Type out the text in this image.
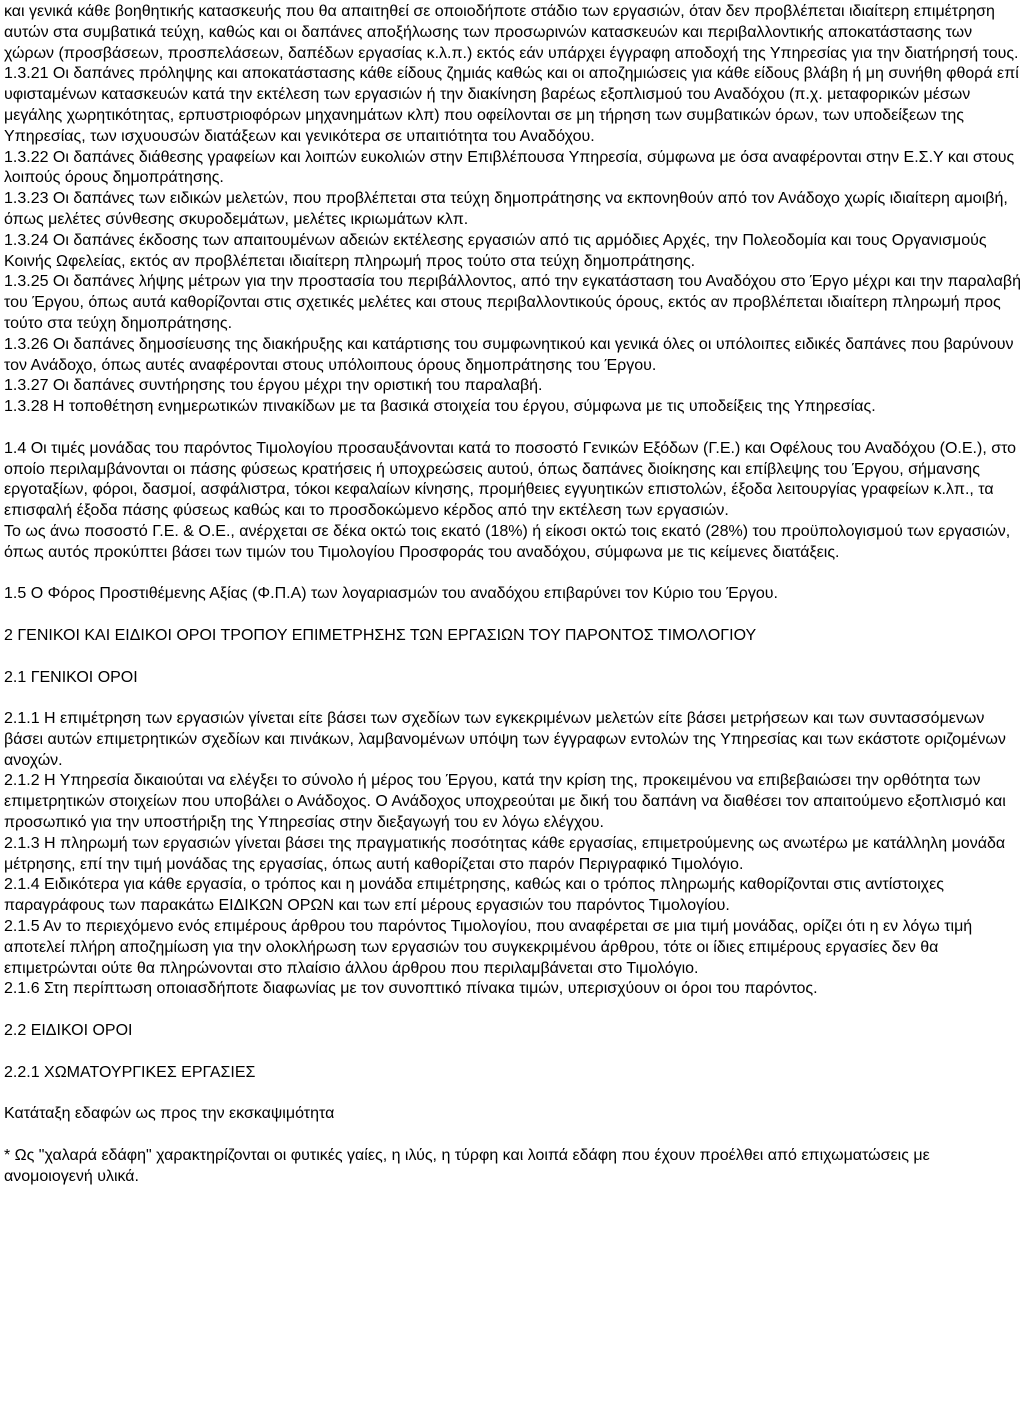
και γενικά κάθε βοηθητικής κατασκευής που θα απαιτηθεί σε οποιοδήποτε στάδιο των εργασιών, όταν δεν προβλέπεται ιδιαίτερη επιμέτρηση αυτών στα συμβατικά τεύχη, καθώς και οι δαπάνες αποξήλωσης των προσωρινών κατασκευών και περιβαλλοντικής αποκατάστασης των χώρων (προσβάσεων, προσπελάσεων, δαπέδων εργασίας κ.λ.π.) εκτός εάν υπάρχει έγγραφη αποδοχή της Υπηρεσίας για την διατήρησή τους.

1.3.21 Οι δαπάνες πρόληψης και αποκατάστασης κάθε είδους ζημιάς καθώς και οι αποζημιώσεις για κάθε είδους βλάβη ή μη συνήθη φθορά επί υφισταμένων κατασκευών κατά την εκτέλεση των εργασιών ή την διακίνηση βαρέως εξοπλισμού του Αναδόχου (π.χ. μεταφορικών μέσων μεγάλης χωρητικότητας, ερπυστριοφόρων μηχανημάτων κλπ) που οφείλονται σε μη τήρηση των συμβατικών όρων, των υποδείξεων της Υπηρεσίας, των ισχυουσών διατάξεων και γενικότερα σε υπαιτιότητα του Αναδόχου.

1.3.22 Οι δαπάνες διάθεσης γραφείων και λοιπών ευκολιών στην Επιβλέπουσα Υπηρεσία, σύμφωνα με όσα αναφέρονται στην Ε.Σ.Υ και στους λοιπούς όρους δημοπράτησης.

1.3.23 Οι δαπάνες των ειδικών μελετών, που προβλέπεται στα τεύχη δημοπράτησης να εκπονηθούν από τον Ανάδοχο χωρίς ιδιαίτερη αμοιβή, όπως μελέτες σύνθεσης σκυροδεμάτων, μελέτες ικριωμάτων κλπ.

1.3.24 Οι δαπάνες έκδοσης των απαιτουμένων αδειών εκτέλεσης εργασιών από τις αρμόδιες Αρχές, την Πολεοδομία και τους Οργανισμούς Κοινής Ωφελείας, εκτός αν προβλέπεται ιδιαίτερη πληρωμή προς τούτο στα τεύχη δημοπράτησης.

1.3.25 Οι δαπάνες λήψης μέτρων για την προστασία του περιβάλλοντος, από την εγκατάσταση του Αναδόχου στο Έργο μέχρι και την παραλαβή του Έργου, όπως αυτά καθορίζονται στις σχετικές μελέτες και στους περιβαλλοντικούς όρους, εκτός αν προβλέπεται ιδιαίτερη πληρωμή προς τούτο στα τεύχη δημοπράτησης.

1.3.26 Οι δαπάνες δημοσίευσης της διακήρυξης και κατάρτισης του συμφωνητικού και γενικά όλες οι υπόλοιπες ειδικές δαπάνες που βαρύνουν τον Ανάδοχο, όπως αυτές αναφέρονται στους υπόλοιπους όρους δημοπράτησης του Έργου.

1.3.27 Οι δαπάνες συντήρησης του έργου μέχρι την οριστική του παραλαβή.

1.3.28 Η τοποθέτηση ενημερωτικών πινακίδων με τα βασικά στοιχεία του έργου, σύμφωνα με τις υποδείξεις της Υπηρεσίας.

1.4 Οι τιμές μονάδας του παρόντος Τιμολογίου προσαυξάνονται κατά το ποσοστό Γενικών Εξόδων (Γ.Ε.) και Οφέλους του Αναδόχου (Ο.Ε.), στο οποίο περιλαμβάνονται οι πάσης φύσεως κρατήσεις ή υποχρεώσεις αυτού, όπως δαπάνες διοίκησης και επίβλεψης του Έργου, σήμανσης εργοταξίων, φόροι, δασμοί, ασφάλιστρα, τόκοι κεφαλαίων κίνησης, προμήθειες εγγυητικών επιστολών, έξοδα λειτουργίας γραφείων κ.λπ., τα επισφαλή έξοδα πάσης φύσεως καθώς και το προσδοκώμενο κέρδος από την εκτέλεση των εργασιών.

Το ως άνω ποσοστό Γ.Ε. & Ο.Ε., ανέρχεται σε δέκα οκτώ τοις εκατό (18%) ή είκοσι οκτώ τοις εκατό (28%) του προϋπολογισμού των εργασιών, όπως αυτός προκύπτει βάσει των τιμών του Τιμολογίου Προσφοράς του αναδόχου, σύμφωνα με τις κείμενες διατάξεις.

1.5 Ο Φόρος Προστιθέμενης Αξίας (Φ.Π.Α) των λογαριασμών του αναδόχου επιβαρύνει τον Κύριο του Έργου.

2 ΓΕΝΙΚΟΙ ΚΑΙ ΕΙΔΙΚΟΙ ΟΡΟΙ ΤΡΟΠΟΥ ΕΠΙΜΕΤΡΗΣΗΣ ΤΩΝ ΕΡΓΑΣΙΩΝ ΤΟΥ ΠΑΡΟΝΤΟΣ ΤΙΜΟΛΟΓΙΟΥ

2.1 ΓΕΝΙΚΟΙ ΟΡΟΙ

2.1.1 Η επιμέτρηση των εργασιών γίνεται είτε βάσει των σχεδίων των εγκεκριμένων μελετών είτε βάσει μετρήσεων και των συντασσόμενων βάσει αυτών επιμετρητικών σχεδίων και πινάκων, λαμβανομένων υπόψη των έγγραφων εντολών της Υπηρεσίας και των εκάστοτε οριζομένων ανοχών.

2.1.2 Η Υπηρεσία δικαιούται να ελέγξει το σύνολο ή μέρος του Έργου, κατά την κρίση της, προκειμένου να επιβεβαιώσει την ορθότητα των επιμετρητικών στοιχείων που υποβάλει ο Ανάδοχος. Ο Ανάδοχος υποχρεούται με δική του δαπάνη να διαθέσει τον απαιτούμενο εξοπλισμό και προσωπικό για την υποστήριξη της Υπηρεσίας στην διεξαγωγή του εν λόγω ελέγχου.

2.1.3 Η πληρωμή των εργασιών γίνεται βάσει της πραγματικής ποσότητας κάθε εργασίας, επιμετρούμενης ως ανωτέρω με κατάλληλη μονάδα μέτρησης, επί την τιμή μονάδας της εργασίας, όπως αυτή καθορίζεται στο παρόν Περιγραφικό Τιμολόγιο.

2.1.4 Ειδικότερα για κάθε εργασία, ο τρόπος και η μονάδα επιμέτρησης, καθώς και ο τρόπος πληρωμής καθορίζονται στις αντίστοιχες παραγράφους των παρακάτω ΕΙΔΙΚΩΝ ΟΡΩΝ και των επί μέρους εργασιών του παρόντος Τιμολογίου.

2.1.5 Αν το περιεχόμενο ενός επιμέρους άρθρου του παρόντος Τιμολογίου, που αναφέρεται σε μια τιμή μονάδας, ορίζει ότι η εν λόγω τιμή αποτελεί πλήρη αποζημίωση για την ολοκλήρωση των εργασιών του συγκεκριμένου άρθρου, τότε οι ίδιες επιμέρους εργασίες δεν θα επιμετρώνται ούτε θα πληρώνονται στο πλαίσιο άλλου άρθρου που περιλαμβάνεται στο Τιμολόγιο.

2.1.6 Στη περίπτωση οποιασδήποτε διαφωνίας με τον συνοπτικό πίνακα τιμών, υπερισχύουν οι όροι του παρόντος.

2.2 ΕΙΔΙΚΟΙ ΟΡΟΙ

2.2.1 ΧΩΜΑΤΟΥΡΓΙΚΕΣ ΕΡΓΑΣΙΕΣ

Κατάταξη εδαφών ως προς την εκσκαψιμότητα

* Ως "χαλαρά εδάφη" χαρακτηρίζονται οι φυτικές γαίες, η ιλύς, η τύρφη και λοιπά εδάφη που έχουν προέλθει από επιχωματώσεις με ανομοιογενή υλικά.
